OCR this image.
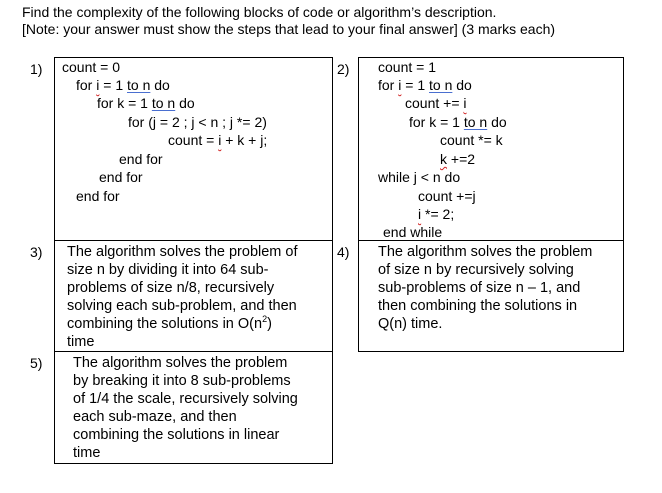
Find the complexity of the following blocks of code or algorithm’s description.
[Note: your answer must show the steps that lead to your final answer] (3 marks each)
1) count = 0
for i = 1 to n do
for k = 1 to n do
for (j = 2 ; j < n ; j *= 2)
count = i + k + j;
end for
end for
end for
2) count = 1
for i = 1 to n do
count += i
for k = 1 to n do
count *= k
k +=2
while j < n do
count +=j
i *= 2;
end while
3) The algorithm solves the problem of
size n by dividing it into 64 sub-
problems of size n/8, recursively
solving each sub-problem, and then
combining the solutions in $O(n^2)$
time
4) The algorithm solves the problem
of size n by recursively solving
sub-problems of size n – 1, and
then combining the solutions in
Q(n) time.
5) The algorithm solves the problem
by breaking it into 8 sub-problems
of 1/4 the scale, recursively solving
each sub-maze, and then
combining the solutions in linear
time
